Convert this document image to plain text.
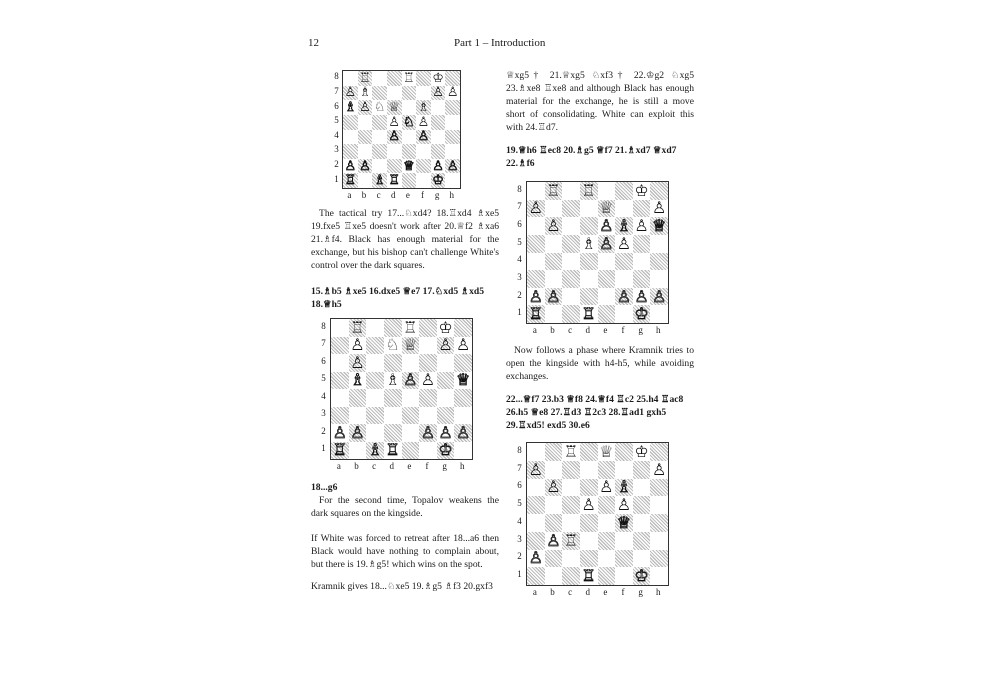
12	Part 1 – Introduction
♖ ♖ ♔
♙ ♗	♙ ♙
♗ ♙ ♘ ♕ ♗
♙ ♘ ♙
♙ ♙
♙ ♙ ♕ ♙ ♙
♖ ♗ ♖ ♔
8
7
6
5
4
3
2
1
a	b	c	d	e	f	g	h
♖ ♖ ♔
♙ ♘ ♕ ♙ ♙
♙
♗ ♗ ♙ ♙ ♕
♙ ♙	♙ ♙ ♙
♖ ♗ ♖ ♔
8
7
6
5
4
3
2
1
a	b	c	d	e	f	g	h
♖ ♖ ♔
♙	♕ ♙
♙ ♙ ♗ ♙ ♕
♗ ♙ ♙
♙ ♙	♙ ♙ ♙
♖ ♖ ♔
8
7
6
5
4
3
2
1
a	b	c	d	e	f	g	h
♖ ♕ ♔
♙	♙
♙ ♙ ♗
♙ ♙
♕
♙ ♖
♙
♖ ♔
8
7
6
5
4
3
2
1
a	b	c	d	e	f	g	h

The tactical try 17...♘xd4? 18.♖xd4 ♗xe5 19.fxe5 ♖xe5 doesn't work after 20.♕f2 ♗xa6 21.♗f4. Black has enough material for the exchange, but his bishop can't challenge White's control over the dark squares.

15.♗b5 ♗xe5 16.dxe5 ♕e7 17.♘xd5 ♗xd5 18.♕h5

18...g6

For the second time, Topalov weakens the dark squares on the kingside.

If White was forced to retreat after 18...a6 then Black would have nothing to complain about, but there is 19.♗g5! which wins on the spot.

Kramnik gives 18...♘xe5 19.♗g5 ♗f3 20.gxf3

♕xg5† 21.♕xg5 ♘xf3† 22.♔g2 ♘xg5 23.♗xe8 ♖xe8 and although Black has enough material for the exchange, he is still a move short of consolidating. White can exploit this with 24.♖d7.

19.♕h6 ♖ec8 20.♗g5 ♕f7 21.♗xd7 ♕xd7 22.♗f6

Now follows a phase where Kramnik tries to open the kingside with h4-h5, while avoiding exchanges.

22...♕f7 23.b3 ♕f8 24.♕f4 ♖c2 25.h4 ♖ac8 26.h5 ♕e8 27.♖d3 ♖2c3 28.♖ad1 gxh5 29.♖xd5! exd5 30.e6
